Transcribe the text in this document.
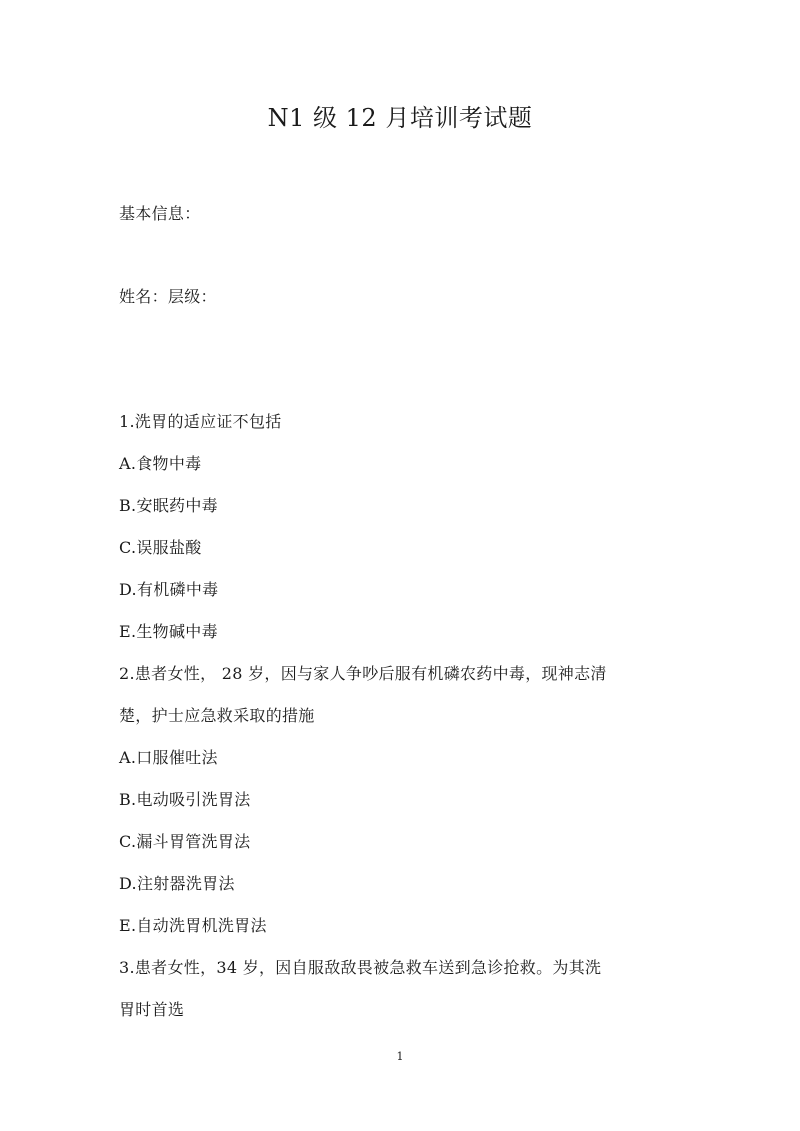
N1 级 12 月培训考试题
基本信息：
姓名：层级：
1.洗胃的适应证不包括
A.食物中毒
B.安眠药中毒
C.误服盐酸
D.有机磷中毒
E.生物碱中毒
2.患者女性， 28 岁，因与家人争吵后服有机磷农药中毒，现神志清
楚，护士应急救采取的措施
A.口服催吐法
B.电动吸引洗胃法
C.漏斗胃管洗胃法
D.注射器洗胃法
E.自动洗胃机洗胃法
3.患者女性，34 岁，因自服敌敌畏被急救车送到急诊抢救。为其洗
胃时首选
1
